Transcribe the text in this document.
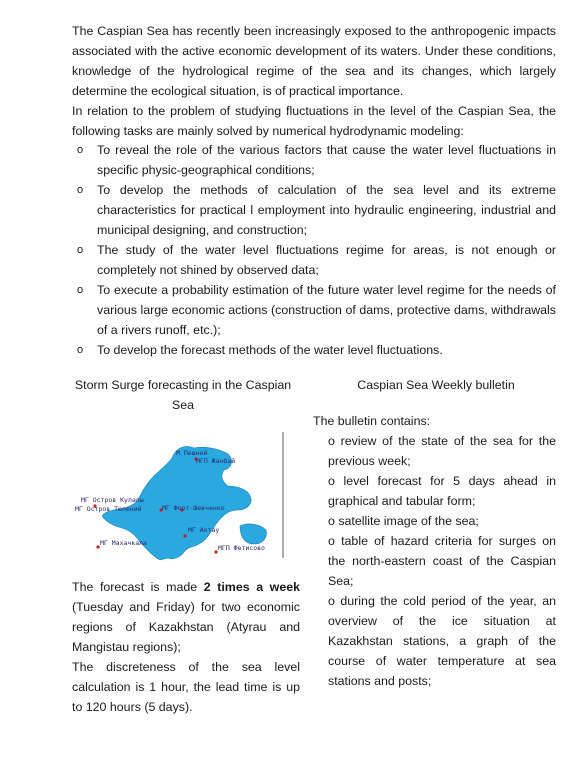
The Caspian Sea has recently been increasingly exposed to the anthropogenic impacts associated with the active economic development of its waters. Under these conditions, knowledge of the hydrological regime of the sea and its changes, which largely determine the ecological situation, is of practical importance.

In relation to the problem of studying fluctuations in the level of the Caspian Sea, the following tasks are mainly solved by numerical hydrodynamic modeling:

o To reveal the role of the various factors that cause the water level fluctuations in specific physic-geographical conditions;
o To develop the methods of calculation of the sea level and its extreme characteristics for practical l employment into hydraulic engineering, industrial and municipal designing, and construction;
o The study of the water level fluctuations regime for areas, is not enough or completely not shined by observed data;
o To execute a probability estimation of the future water level regime for the needs of various large economic actions (construction of dams, protective dams, withdrawals of a rivers runoff, etc.);
o To develop the forecast methods of the water level fluctuations.
Storm Surge forecasting in the Caspian Sea
Caspian Sea Weekly bulletin
М Пешной
МГП Жанбай
МГ Остров Кулалы
МГ Остров Тюлений	МГ Форт-Шевченко
МГ Актау
МГ Махачкала
МГП Фетисово

The forecast is made 2 times a week (Tuesday and Friday) for two economic regions of Kazakhstan (Atyrau and Mangistau regions);

The discreteness of the sea level calculation is 1 hour, the lead time is up to 120 hours (5 days).

The bulletin contains:
o review of the state of the sea for the previous week;
o level forecast for 5 days ahead in graphical and tabular form;
o satellite image of the sea;
o table of hazard criteria for surges on the north-eastern coast of the Caspian Sea;
o during the cold period of the year, an overview of the ice situation at Kazakhstan stations, a graph of the course of water temperature at sea stations and posts;
